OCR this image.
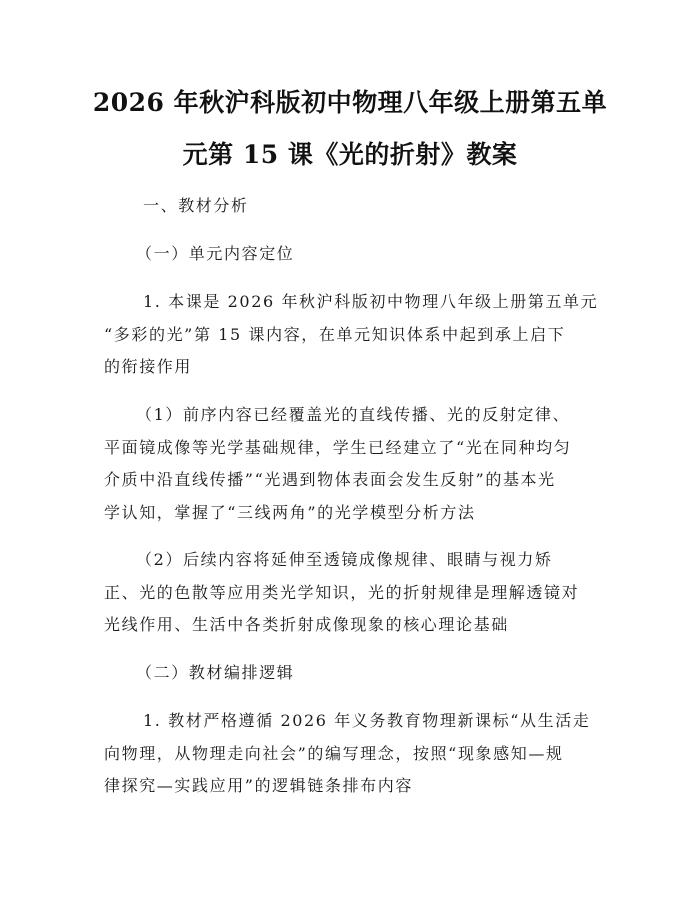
2026 年秋沪科版初中物理八年级上册第五单
元第 15 课《光的折射》教案
一、教材分析
（一）单元内容定位
1. 本课是 2026 年秋沪科版初中物理八年级上册第五单元
“多彩的光”第 15 课内容，在单元知识体系中起到承上启下
的衔接作用
（1）前序内容已经覆盖光的直线传播、光的反射定律、
平面镜成像等光学基础规律，学生已经建立了“光在同种均匀
介质中沿直线传播”“光遇到物体表面会发生反射”的基本光
学认知，掌握了“三线两角”的光学模型分析方法
（2）后续内容将延伸至透镜成像规律、眼睛与视力矫
正、光的色散等应用类光学知识，光的折射规律是理解透镜对
光线作用、生活中各类折射成像现象的核心理论基础
（二）教材编排逻辑
1. 教材严格遵循 2026 年义务教育物理新课标“从生活走
向物理，从物理走向社会”的编写理念，按照“现象感知—规
律探究—实践应用”的逻辑链条排布内容
